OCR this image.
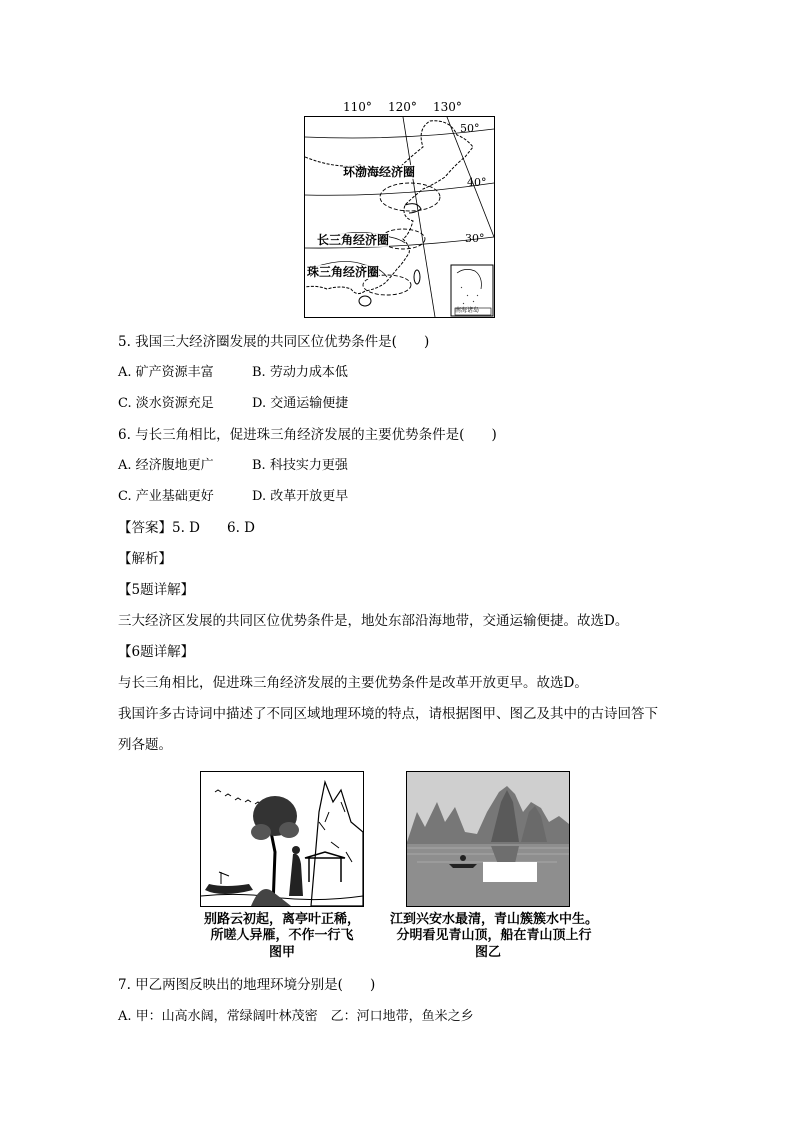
110° 120° 130°
50°
40°
30°
环渤海经济圈
长三角经济圈
珠三角经济圈
南海诸岛
5. 我国三大经济圈发展的共同区位优势条件是(　　)
A. 矿产资源丰富	B. 劳动力成本低
C. 淡水资源充足	D. 交通运输便捷
6. 与长三角相比，促进珠三角经济发展的主要优势条件是(　　)
A. 经济腹地更广	B. 科技实力更强
C. 产业基础更好	D. 改革开放更早
【答案】5. D　　6. D
【解析】
【5题详解】
三大经济区发展的共同区位优势条件是，地处东部沿海地带，交通运输便捷。故选D。
【6题详解】
与长三角相比，促进珠三角经济发展的主要优势条件是改革开放更早。故选D。
我国许多古诗词中描述了不同区域地理环境的特点，请根据图甲、图乙及其中的古诗回答下
列各题。
别路云初起，离亭叶正稀，
所嗟人异雁，不作一行飞
图甲
江到兴安水最清，青山簇簇水中生。
分明看见青山顶，船在青山顶上行
图乙
7. 甲乙两图反映出的地理环境分别是(　　)
A. 甲：山高水阔，常绿阔叶林茂密　乙：河口地带，鱼米之乡
